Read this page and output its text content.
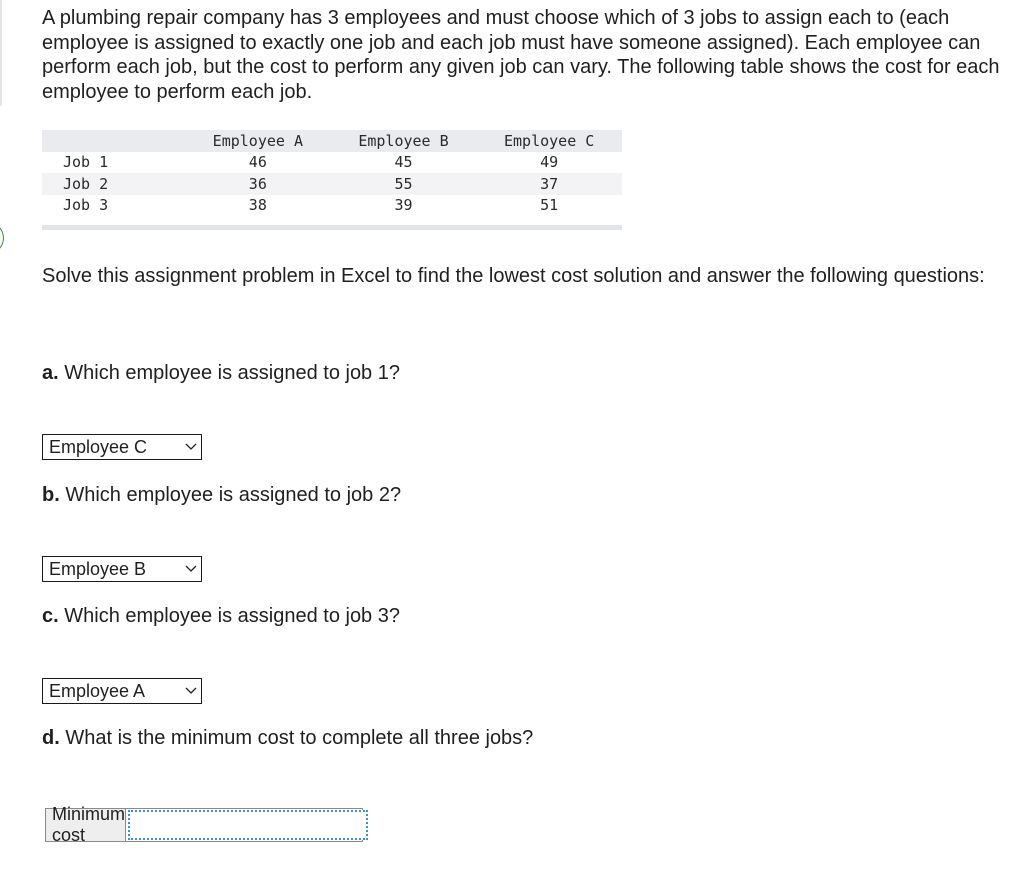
A plumbing repair company has 3 employees and must choose which of 3 jobs to assign each to (each employee is assigned to exactly one job and each job must have someone assigned). Each employee can perform each job, but the cost to perform any given job can vary. The following table shows the cost for each employee to perform each job.

	Employee A	Employee B	Employee C
Job 1	46	45	49
Job 2	36	55	37
Job 3	38	39	51

Solve this assignment problem in Excel to find the lowest cost solution and answer the following questions:

a. Which employee is assigned to job 1?

Employee C

b. Which employee is assigned to job 2?

Employee B

c. Which employee is assigned to job 3?

Employee A

d. What is the minimum cost to complete all three jobs?

Minimum cost
